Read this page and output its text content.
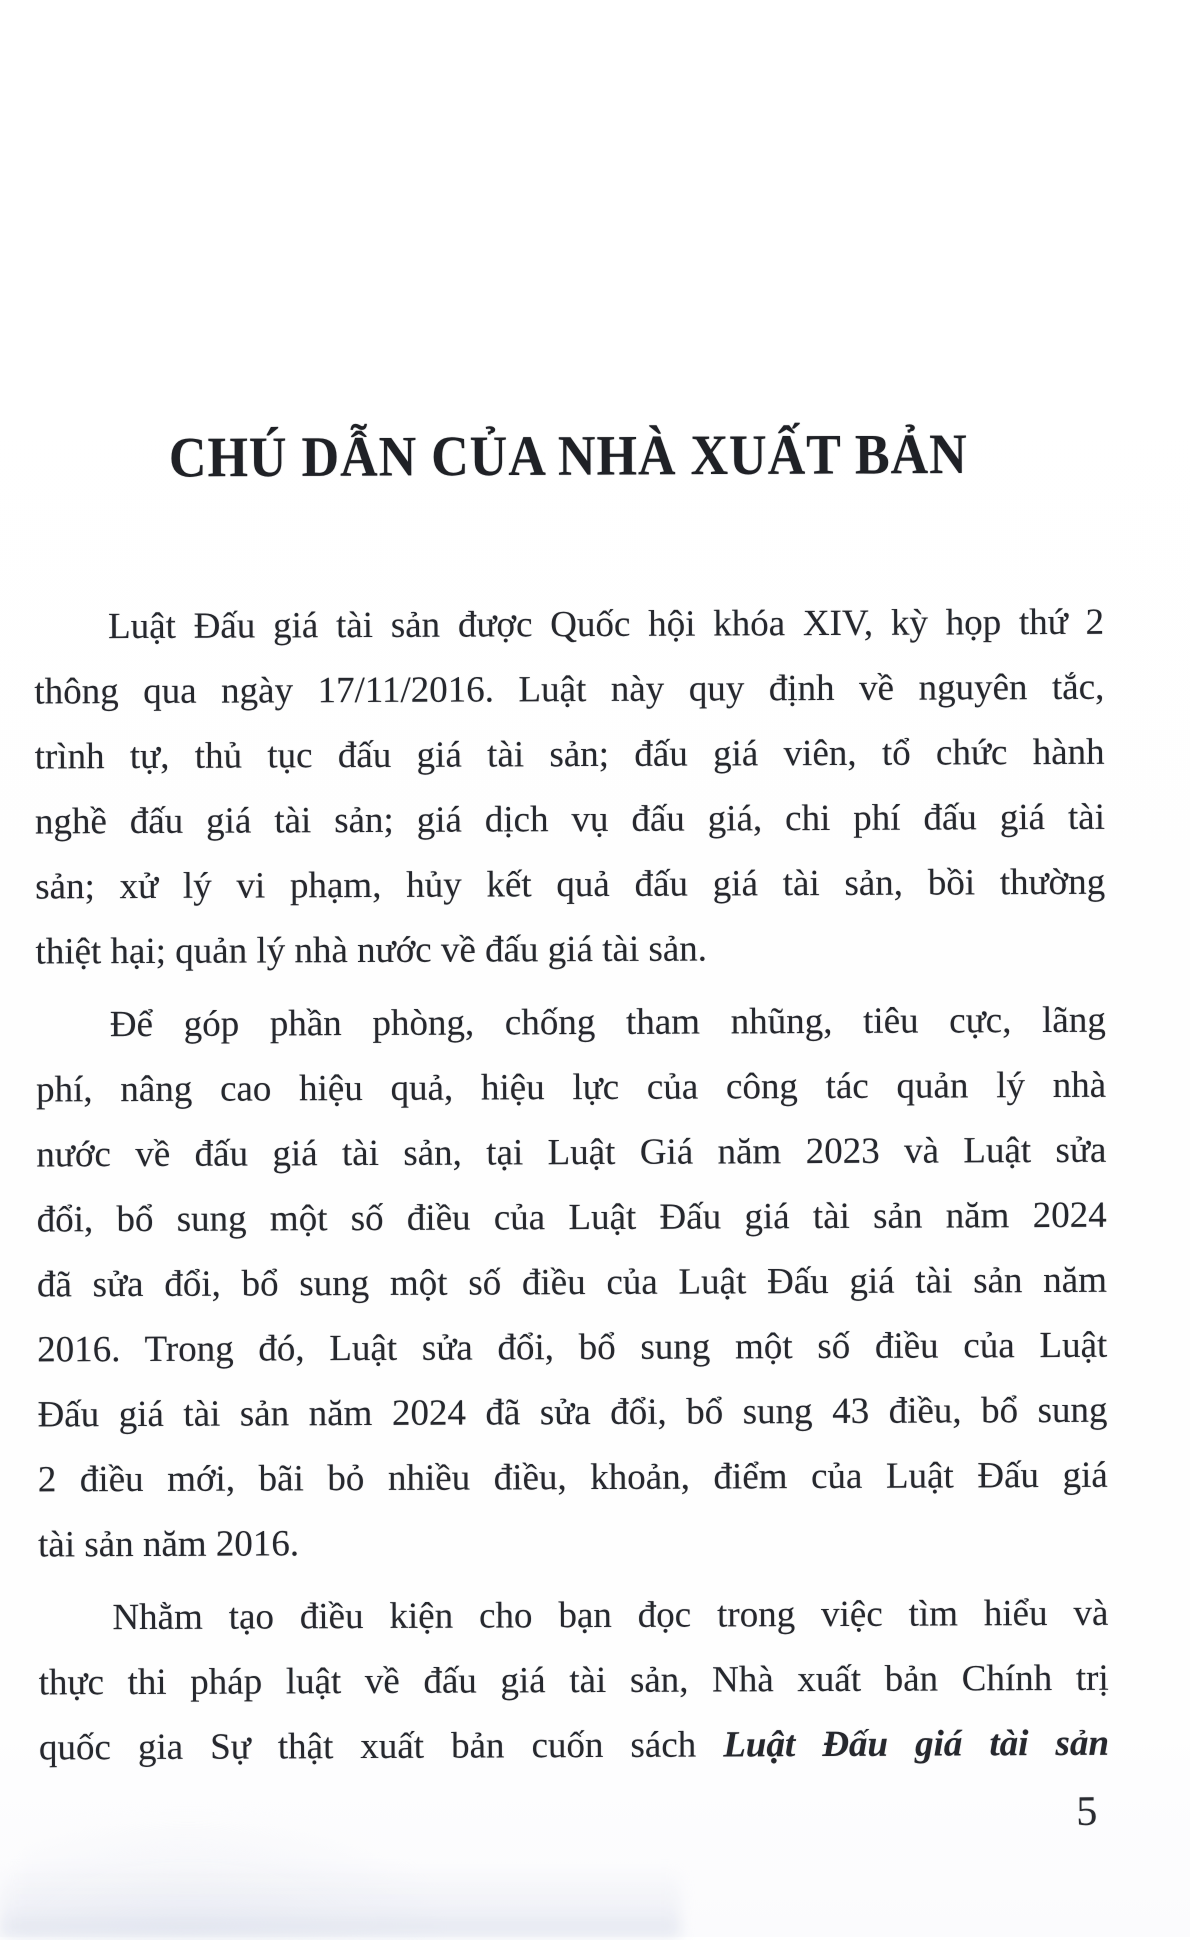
CHÚ DẪN CỦA NHÀ XUẤT BẢN
Luật Đấu giá tài sản được Quốc hội khóa XIV, kỳ họp thứ 2
thông qua ngày 17/11/2016. Luật này quy định về nguyên tắc,
trình tự, thủ tục đấu giá tài sản; đấu giá viên, tổ chức hành
nghề đấu giá tài sản; giá dịch vụ đấu giá, chi phí đấu giá tài
sản; xử lý vi phạm, hủy kết quả đấu giá tài sản, bồi thường
thiệt hại; quản lý nhà nước về đấu giá tài sản.
Để góp phần phòng, chống tham nhũng, tiêu cực, lãng
phí, nâng cao hiệu quả, hiệu lực của công tác quản lý nhà
nước về đấu giá tài sản, tại Luật Giá năm 2023 và Luật sửa
đổi, bổ sung một số điều của Luật Đấu giá tài sản năm 2024
đã sửa đổi, bổ sung một số điều của Luật Đấu giá tài sản năm
2016. Trong đó, Luật sửa đổi, bổ sung một số điều của Luật
Đấu giá tài sản năm 2024 đã sửa đổi, bổ sung 43 điều, bổ sung
2 điều mới, bãi bỏ nhiều điều, khoản, điểm của Luật Đấu giá
tài sản năm 2016.
Nhằm tạo điều kiện cho bạn đọc trong việc tìm hiểu và
thực thi pháp luật về đấu giá tài sản, Nhà xuất bản Chính trị
quốc gia Sự thật xuất bản cuốn sách Luật Đấu giá tài sản
5
